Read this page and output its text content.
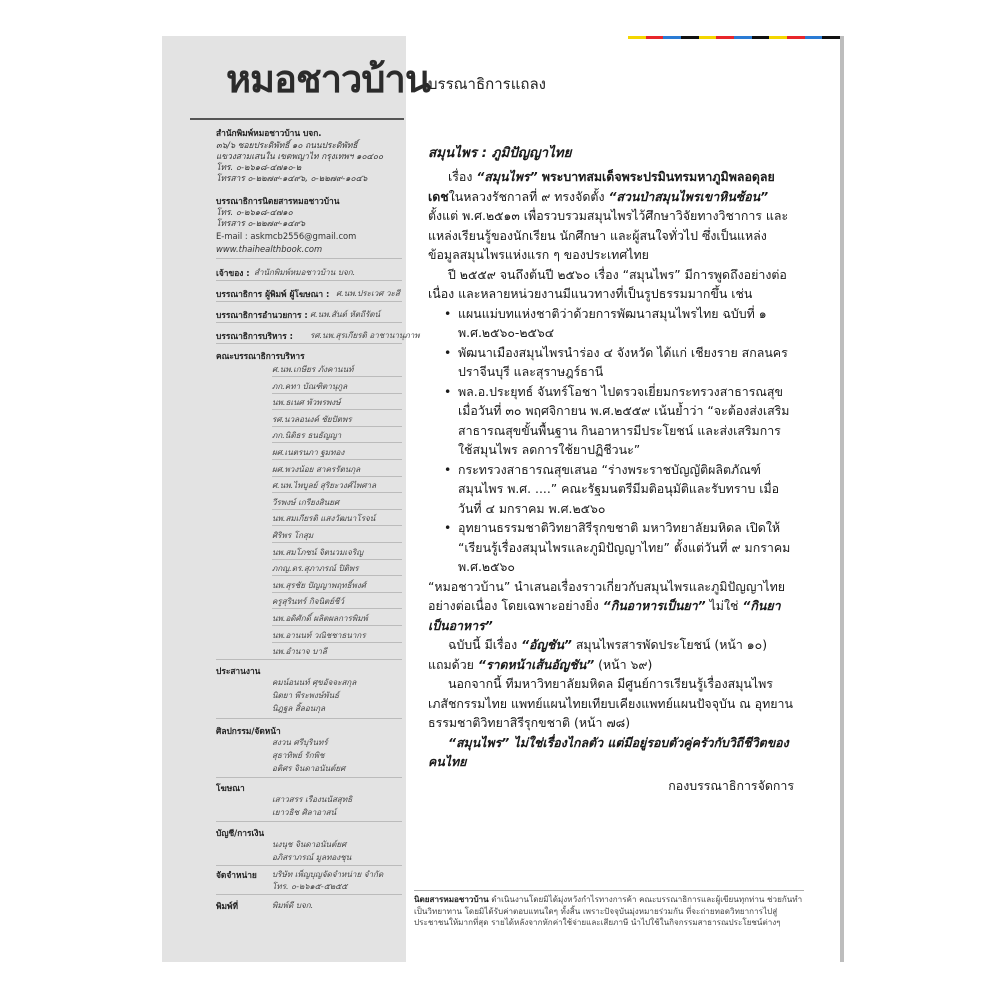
หมอชาวบ้าน
บรรณาธิการแถลง
สำนักพิมพ์หมอชาวบ้าน บจก.
๓๖/๖ ซอยประดิพัทธิ์ ๑๐ ถนนประดิพัทธิ์
แขวงสามเสนใน เขตพญาไท กรุงเทพฯ ๑๐๔๐๐
โทร. ๐-๒๖๑๘-๔๗๑๐-๒
โทรสาร ๐-๒๒๗๙-๑๔๙๖, ๐-๒๒๗๙-๑๐๔๖
บรรณาธิการนิตยสารหมอชาวบ้าน
โทร. ๐-๒๖๑๘-๔๗๑๐
โทรสาร ๐-๒๒๗๙-๑๔๙๖
E-mail : askmcb2556@gmail.com
www.thaihealthbook.com
เจ้าของ : สำนักพิมพ์หมอชาวบ้าน บจก.
บรรณาธิการ ผู้พิมพ์ ผู้โฆษณา : ศ.นพ.ประเวศ วะสี
บรรณาธิการอำนวยการ : ศ.นพ.สันต์ หัตถีรัตน์
บรรณาธิการบริหาร : รศ.นพ.สุรเกียรติ อาชานานุภาพ
คณะบรรณาธิการบริหาร
ศ.นพ.เกษียร ภังคานนท์
ภก.คทา บัณฑิตานุกูล
นพ.ธเนศ พัวพรพงษ์
รศ.นวลอนงค์ ชัยปัตพร
ภก.นิติธร ธนธัญญา
ผศ.เนตรนภา ฐมทอง
ผศ.พวงน้อย สาครรัตนกุล
ศ.นพ.ไพบูลย์ สุริยะวงศ์ไพศาล
วีรพงษ์ เกรียงสินยศ
นพ.สมเกียรติ แสงวัฒนาโรจน์
ศิริพร โกสุม
นพ.สมโภชน์ จิตนวมเจริญ
ภกญ.ดร.สุภาภรณ์ ปิติพร
นพ.สุรชัย ปัญญาพฤทธิ์พงศ์
ครูสุรินทร์ กิจนิตย์ชีว์
นพ.อดิศักดิ์ ผลิตผลการพิมพ์
นพ.อานนท์ วณิชชาธนากร
นพ.อำนาจ บาลี
ประสานงาน
คมน์อนนท์ ศุขอัจจะสกุล
นิตยา พีระพงษ์พันธ์
นิฎฐล สิ้ลอนกุล
ศิลปกรรม/จัดหน้า
สงวน ศรีบุรินทร์
สุธาทิพย์ รักพิช
อติศร จินดาอนันต์ยศ
โฆษณา
เสาวสรร เรืองนนัสสุทธิ
เยาวธิช ศิลาอาสน์
บัญชี/การเงิน
นงนุช จินดาอนันต์ยศ
อภิสราภรณ์ มูลทองชุน
จัดจำหน่าย บริษัท เพ็ญบุญจัดจำหน่าย จำกัด
โทร. ๐-๒๖๑๕-๕๒๕๕
พิมพ์ที่	พิมพ์ดี บจก.
สมุนไพร : ภูมิปัญญาไทย

เรื่อง “สมุนไพร” พระบาทสมเด็จพระปรมินทรมหาภูมิพลอดุลยเดชในหลวงรัชกาลที่ ๙ ทรงจัดตั้ง “สวนป่าสมุนไพรเขาหินซ้อน” ตั้งแต่ พ.ศ.๒๕๑๓ เพื่อรวบรวมสมุนไพรไว้ศึกษาวิจัยทางวิชาการ และแหล่งเรียนรู้ของนักเรียน นักศึกษา และผู้สนใจทั่วไป ซึ่งเป็นแหล่งข้อมูลสมุนไพรแห่งแรก ๆ ของประเทศไทย

ปี ๒๕๕๙ จนถึงต้นปี ๒๕๖๐ เรื่อง “สมุนไพร” มีการพูดถึงอย่างต่อเนื่อง และหลายหน่วยงานมีแนวทางที่เป็นรูปธรรมมากขึ้น เช่น

• แผนแม่บทแห่งชาติว่าด้วยการพัฒนาสมุนไพรไทย ฉบับที่ ๑ พ.ศ.๒๕๖๐-๒๕๖๔
• พัฒนาเมืองสมุนไพรนำร่อง ๔ จังหวัด ได้แก่ เชียงราย สกลนคร ปราจีนบุรี และสุราษฎร์ธานี
• พล.อ.ประยุทธ์ จันทร์โอชา ไปตรวจเยี่ยมกระทรวงสาธารณสุข เมื่อวันที่ ๓๐ พฤศจิกายน พ.ศ.๒๕๕๙ เน้นย้ำว่า “จะต้องส่งเสริมสาธารณสุขขั้นพื้นฐาน กินอาหารมีประโยชน์ และส่งเสริมการใช้สมุนไพร ลดการใช้ยาปฏิชีวนะ”
• กระทรวงสาธารณสุขเสนอ “ร่างพระราชบัญญัติผลิตภัณฑ์สมุนไพร พ.ศ. ....” คณะรัฐมนตรีมีมติอนุมัติและรับทราบ เมื่อวันที่ ๔ มกราคม พ.ศ.๒๕๖๐
• อุทยานธรรมชาติวิทยาสิรีรุกขชาติ มหาวิทยาลัยมหิดล เปิดให้ “เรียนรู้เรื่องสมุนไพรและภูมิปัญญาไทย” ตั้งแต่วันที่ ๙ มกราคม พ.ศ.๒๕๖๐

“หมอชาวบ้าน” นำเสนอเรื่องราวเกี่ยวกับสมุนไพรและภูมิปัญญาไทยอย่างต่อเนื่อง โดยเฉพาะอย่างยิ่ง “กินอาหารเป็นยา” ไม่ใช่ “กินยาเป็นอาหาร”

ฉบับนี้ มีเรื่อง “อัญชัน” สมุนไพรสารพัดประโยชน์ (หน้า ๑๐) แถมด้วย “ราดหน้าเส้นอัญชัน” (หน้า ๖๙)

นอกจากนี้ ทีมหาวิทยาลัยมหิดล มีศูนย์การเรียนรู้เรื่องสมุนไพร เภสัชกรรมไทย แพทย์แผนไทยเทียบเคียงแพทย์แผนปัจจุบัน ณ อุทยานธรรมชาติวิทยาสิรีรุกขชาติ (หน้า ๗๘)

“สมุนไพร” ไม่ใช่เรื่องไกลตัว แต่มีอยู่รอบตัวคู่ครัวกับวิถีชีวิตของคนไทย

กองบรรณาธิการจัดการ
นิตยสารหมอชาวบ้าน ดำเนินงานโดยมิได้มุ่งหวังกำไรทางการค้า คณะบรรณาธิการและผู้เขียนทุกท่าน ช่วยกันทำเป็นวิทยาทาน โดยมิได้รับค่าตอบแทนใดๆ ทั้งสิ้น เพราะปัจจุบันมุ่งหมายร่วมกัน ที่จะถ่ายทอดวิทยาการไปสู่ประชาชนให้มากที่สุด รายได้หลังจากหักค่าใช้จ่ายและเสียภาษี นำไปใช้ในกิจกรรมสาธารณประโยชน์ต่างๆ
